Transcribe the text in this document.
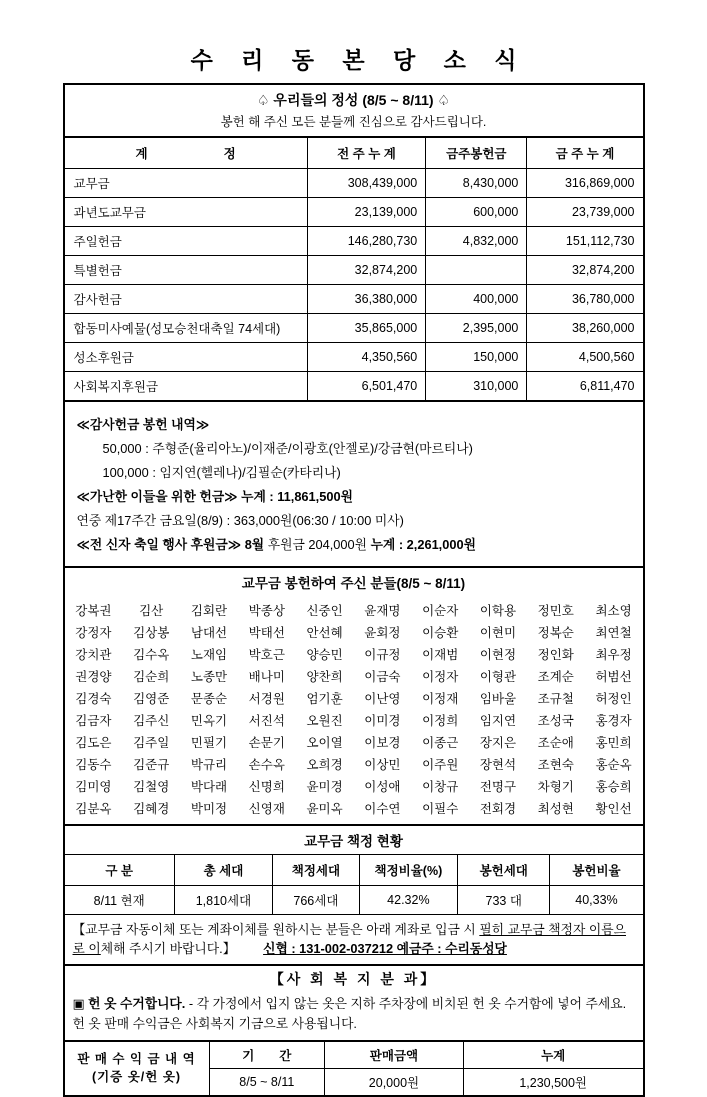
수 리 동 본 당 소 식
♤ 우리들의 정성 (8/5 ~ 8/11) ♤
봉헌 해 주신 모든 분들께 진심으로 감사드립니다.
계 정	전 주 누 계	금주봉헌금	금 주 누 계
교무금	308,439,000	8,430,000	316,869,000
과년도교무금	23,139,000	600,000	23,739,000
주일헌금	146,280,730	4,832,000	151,112,730
특별헌금	32,874,200		32,874,200
감사헌금	36,380,000	400,000	36,780,000
합동미사예물(성모승천대축일 74세대)	35,865,000	2,395,000	38,260,000
성소후원금	4,350,560	150,000	4,500,560
사회복지후원금	6,501,470	310,000	6,811,470
≪감사헌금 봉헌 내역≫
50,000 : 주형준(율리아노)/이재준/이광호(안젤로)/강금현(마르티나)
100,000 : 임지연(헬레나)/김필순(카타리나)
≪가난한 이들을 위한 헌금≫ 누계 : 11,861,500원
연중 제17주간 금요일(8/9) : 363,000원(06:30 / 10:00 미사)
≪전 신자 축일 행사 후원금≫ 8월 후원금 204,000원 누계 : 2,261,000원
교무금 봉헌하여 주신 분들(8/5 ~ 8/11)
강복권	김산	김회란	박종상	신중인	윤재명	이순자	이학용	정민호	최소영
강정자	김상봉	남대선	박태선	안선혜	윤회정	이승환	이현미	정복순	최연철
강치관	김수옥	노재임	박호근	양승민	이규정	이재범	이현정	정인화	최우정
권경양	김순희	노종만	배나미	양찬희	이금숙	이정자	이형관	조계순	허범선
김경숙	김영준	문종순	서경원	엄기훈	이난영	이정재	임바울	조규철	허정인
김금자	김주신	민옥기	서진석	오원진	이미경	이정희	임지연	조성국	홍경자
김도은	김주일	민필기	손문기	오이열	이보경	이종근	장지은	조순애	홍민희
김동수	김준규	박규리	손수옥	오희경	이상민	이주원	장현석	조현숙	홍순옥
김미영	김철영	박다래	신명희	윤미경	이성애	이창규	전명구	차형기	홍승희
김분옥	김혜경	박미정	신영재	윤미옥	이수연	이필수	전회경	최성현	황인선
교무금 책정 현황
구 분	총 세대	책정세대	책정비율(%)	봉헌세대	봉헌비율
8/11 현재	1,810세대	766세대	42.32%	733 대	40,33%
【교무금 자동이체 또는 계좌이체를 원하시는 분들은 아래 계좌로 입금 시 필히 교무금 책정자 이름으로 이체해 주시기 바랍니다.】 신협 : 131-002-037212 예금주 : 수리동성당
【사 회 복 지 분 과】
▣ 헌 옷 수거합니다. - 각 가정에서 입지 않는 옷은 지하 주차장에 비치된 헌 옷 수거함에 넣어 주세요. 헌 옷 판매 수익금은 사회복지 기금으로 사용됩니다.
판 매 수 익 금 내 역
(기증 옷/헌 옷)	기　　간	판매금액	누계
	8/5 ~ 8/11	20,000원	1,230,500원
